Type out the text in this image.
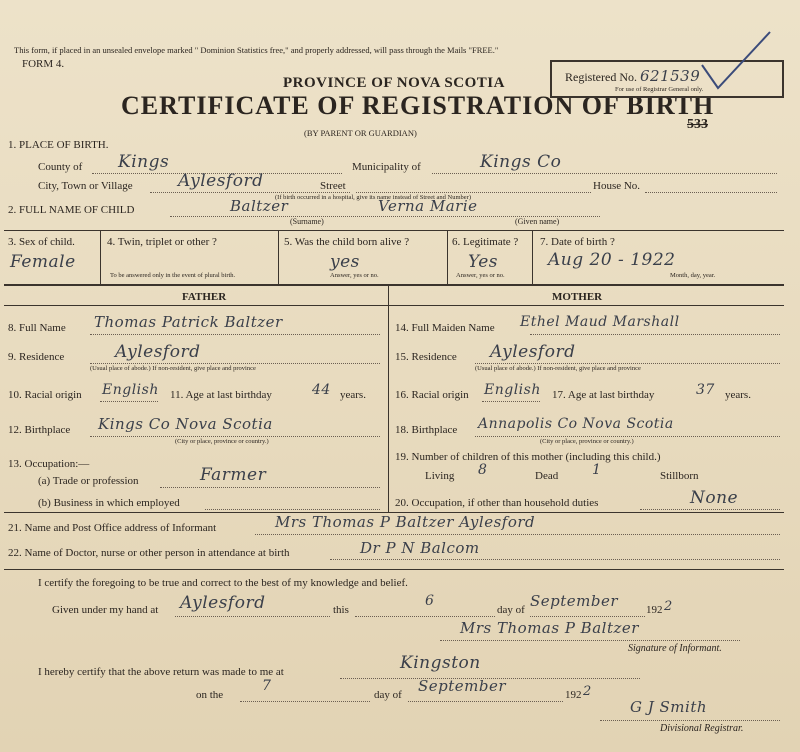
This form, if placed in an unsealed envelope marked " Dominion Statistics free," and properly addressed, will pass through the Mails "FREE."
FORM 4.
PROVINCE OF NOVA SCOTIA
CERTIFICATE OF REGISTRATION OF BIRTH
(BY PARENT OR GUARDIAN)
Registered No. 621539
For use of Registrar General only.
533
1. PLACE OF BIRTH.
County of Kings	Municipality of	Kings Co
City, Town or Village	Aylesford	Street
(If birth occurred in a hospital, give its name instead of Street and Number)
House No.
2. FULL NAME OF CHILD	Baltzer	Verna Marie
(Surname)	(Given name)
3. Sex of child.
Female
4. Twin, triplet or other ?
To be answered only in the event of plural birth.
5. Was the child born alive ?
yes
Answer, yes or no.
6. Legitimate ?
Yes
Answer, yes or no.
7. Date of birth ?
Aug 20 - 1922
Month, day, year.
FATHER	MOTHER
8. Full Name Thomas Patrick Baltzer
9. Residence	Aylesford
(Usual place of abode.) If non-resident, give place and province
10. Racial origin English 11. Age at last birthday	44 years.
12. Birthplace Kings Co Nova Scotia
(City or place, province or country.)
13. Occupation:—
(a) Trade or profession	Farmer
(b) Business in which employed
14. Full Maiden Name Ethel Maud Marshall
15. Residence Aylesford
(Usual place of abode.) If non-resident, give place and province
16. Racial origin English 17. Age at last birthday	37 years.
18. Birthplace Annapolis Co Nova Scotia
(City or place, province or country.)
19. Number of children of this mother (including this child.)
Living 8	Dead 1	Stillborn
20. Occupation, if other than household duties	None
21. Name and Post Office address of Informant	Mrs Thomas P Baltzer Aylesford
22. Name of Doctor, nurse or other person in attendance at birth	Dr P N Balcom
I certify the foregoing to be true and correct to the best of my knowledge and belief.
Given under my hand at Aylesford	this
6
day of September	192 2
Mrs Thomas P Baltzer
Signature of Informant.
I hereby certify that the above return was made to me at	Kingston
on the
7
day of September	192 2
G J Smith
Divisional Registrar.
